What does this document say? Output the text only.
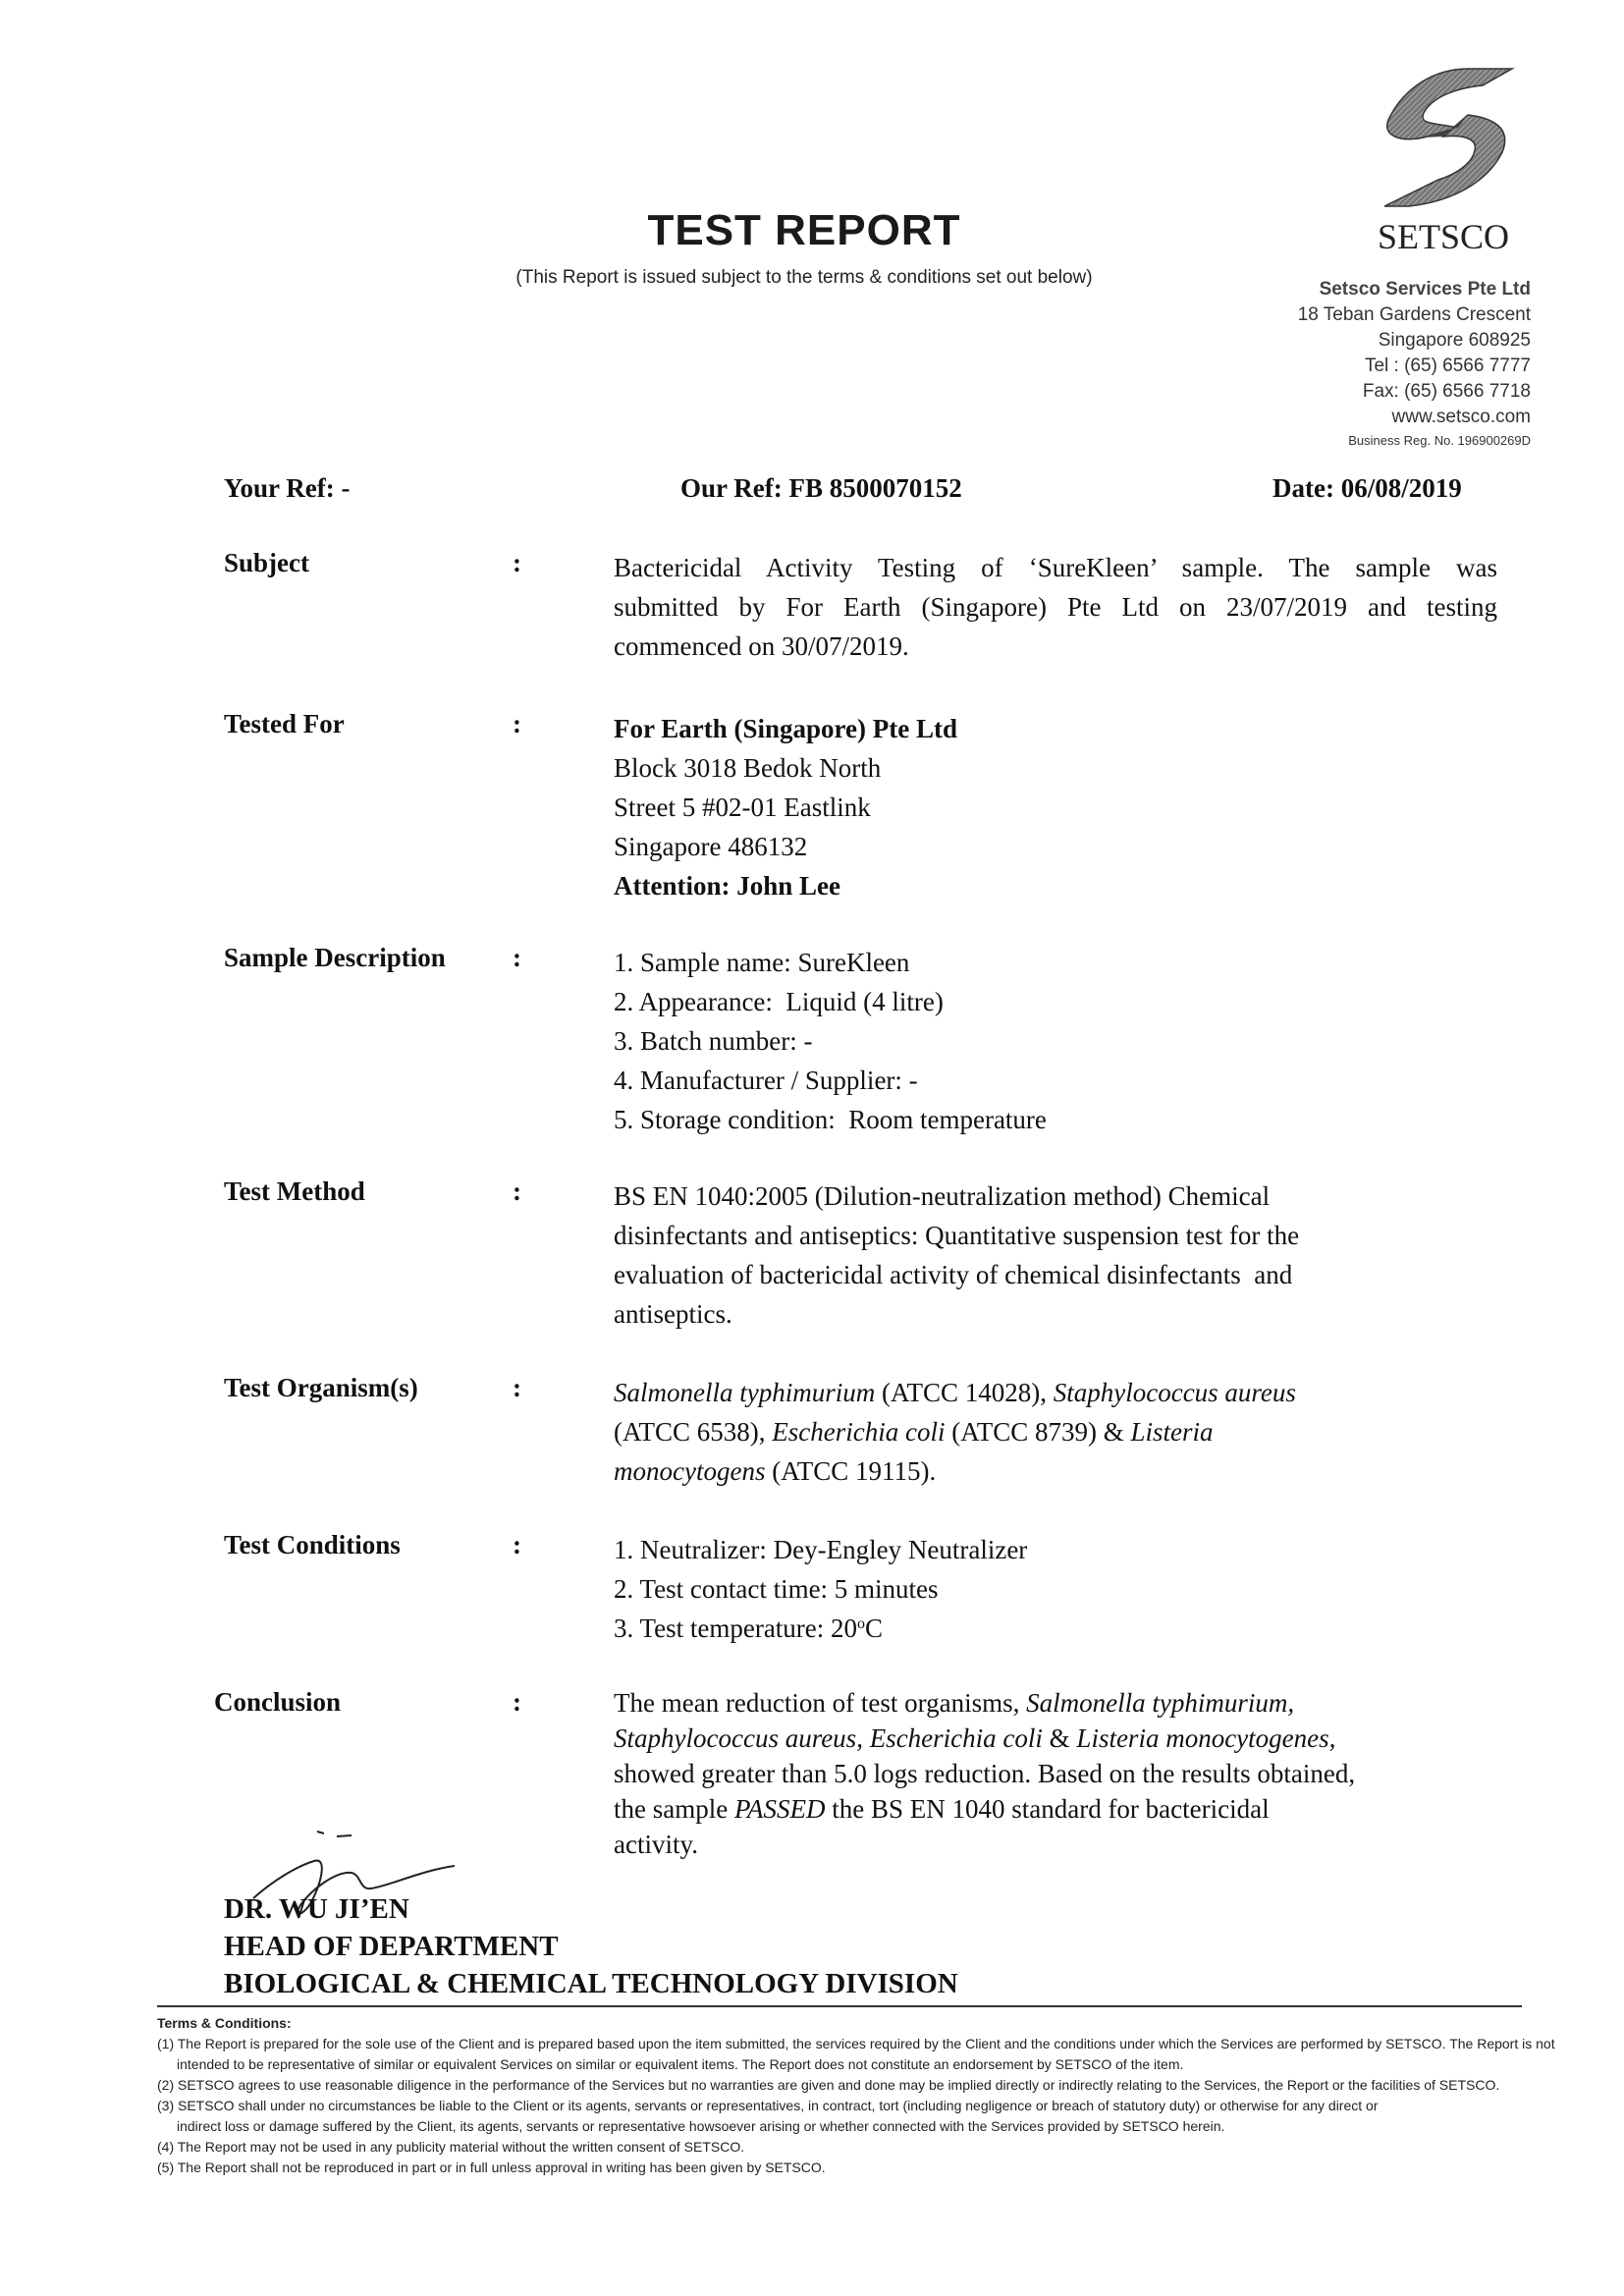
TEST REPORT
(This Report is issued subject to the terms & conditions set out below)
SETSCO
Setsco Services Pte Ltd
18 Teban Gardens Crescent
Singapore 608925
Tel : (65) 6566 7777
Fax: (65) 6566 7718
www.setsco.com
Business Reg. No. 196900269D
Your Ref: -	Our Ref: FB 8500070152	Date: 06/08/2019
Subject	:	Bactericidal Activity Testing of ‘SureKleen’ sample. The sample was
submitted by For Earth (Singapore) Pte Ltd on 23/07/2019 and testing
commenced on 30/07/2019.
Tested For	:	For Earth (Singapore) Pte Ltd
Block 3018 Bedok North
Street 5 #02-01 Eastlink
Singapore 486132
Attention: John Lee
Sample Description	:	1. Sample name: SureKleen
2. Appearance:  Liquid (4 litre)
3. Batch number: -
4. Manufacturer / Supplier: -
5. Storage condition:  Room temperature
Test Method	:	BS EN 1040:2005 (Dilution-neutralization method) Chemical
disinfectants and antiseptics: Quantitative suspension test for the
evaluation of bactericidal activity of chemical disinfectants  and
antiseptics.
Test Organism(s)	:	Salmonella typhimurium (ATCC 14028), Staphylococcus aureus
(ATCC 6538), Escherichia coli (ATCC 8739) & Listeria
monocytogens (ATCC 19115).
Test Conditions	:	1. Neutralizer: Dey-Engley Neutralizer
2. Test contact time: 5 minutes
3. Test temperature: 20$^o$C
Conclusion	:	The mean reduction of test organisms, Salmonella typhimurium,
Staphylococcus aureus, Escherichia coli & Listeria monocytogenes,
showed greater than 5.0 logs reduction. Based on the results obtained,
the sample PASSED the BS EN 1040 standard for bactericidal
activity.
DR. WU JI’EN
HEAD OF DEPARTMENT
BIOLOGICAL & CHEMICAL TECHNOLOGY DIVISION
Terms & Conditions:
(1) The Report is prepared for the sole use of the Client and is prepared based upon the item submitted, the services required by the Client and the conditions under which the Services are performed by SETSCO. The Report is not
intended to be representative of similar or equivalent Services on similar or equivalent items. The Report does not constitute an endorsement by SETSCO of the item.
(2) SETSCO agrees to use reasonable diligence in the performance of the Services but no warranties are given and done may be implied directly or indirectly relating to the Services, the Report or the facilities of SETSCO.
(3) SETSCO shall under no circumstances be liable to the Client or its agents, servants or representatives, in contract, tort (including negligence or breach of statutory duty) or otherwise for any direct or
indirect loss or damage suffered by the Client, its agents, servants or representative howsoever arising or whether connected with the Services provided by SETSCO herein.
(4) The Report may not be used in any publicity material without the written consent of SETSCO.
(5) The Report shall not be reproduced in part or in full unless approval in writing has been given by SETSCO.
